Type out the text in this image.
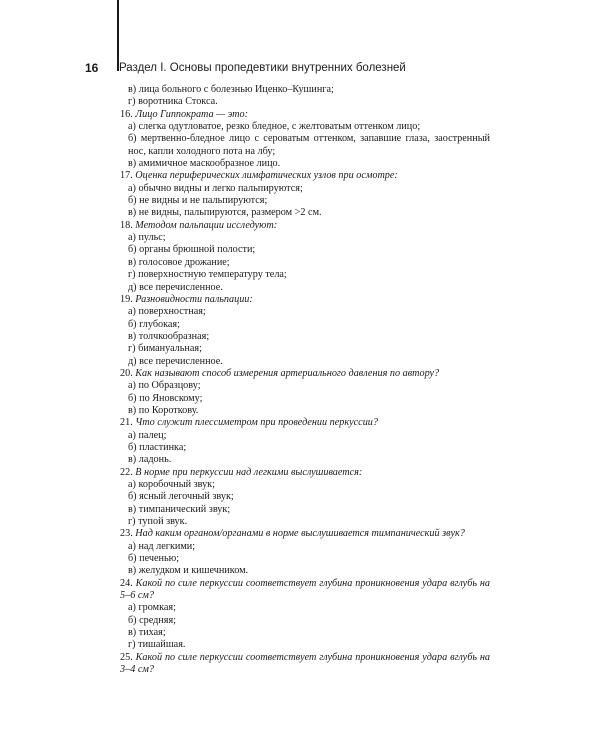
16	Раздел I. Основы пропедевтики внутренних болезней
в) лица больного с болезнью Иценко–Кушинга;
г) воротника Стокса.
16. Лицо Гиппократа — это:
а) слегка одутловатое, резко бледное, с желтоватым оттенком лицо;
б) мертвенно-бледное лицо с сероватым оттенком, запавшие глаза, заостренный нос, капли холодного пота на лбу;
в) амимичное маскообразное лицо.
17. Оценка периферических лимфатических узлов при осмотре:
а) обычно видны и легко пальпируются;
б) не видны и не пальпируются;
в) не видны, пальпируются, размером >2 см.
18. Методом пальпации исследуют:
а) пульс;
б) органы брюшной полости;
в) голосовое дрожание;
г) поверхностную температуру тела;
д) все перечисленное.
19. Разновидности пальпации:
а) поверхностная;
б) глубокая;
в) толчкообразная;
г) бимануальная;
д) все перечисленное.
20. Как называют способ измерения артериального давления по автору?
а) по Образцову;
б) по Яновскому;
в) по Короткову.
21. Что служит плессиметром при проведении перкуссии?
а) палец;
б) пластинка;
в) ладонь.
22. В норме при перкуссии над легкими выслушивается:
а) коробочный звук;
б) ясный легочный звук;
в) тимпанический звук;
г) тупой звук.
23. Над каким органом/органами в норме выслушивается тимпанический звук?
а) над легкими;
б) печенью;
в) желудком и кишечником.
24. Какой по силе перкуссии соответствует глубина проникновения удара вглубь на 5–6 см?
а) громкая;
б) средняя;
в) тихая;
г) тишайшая.
25. Какой по силе перкуссии соответствует глубина проникновения удара вглубь на 3–4 см?
